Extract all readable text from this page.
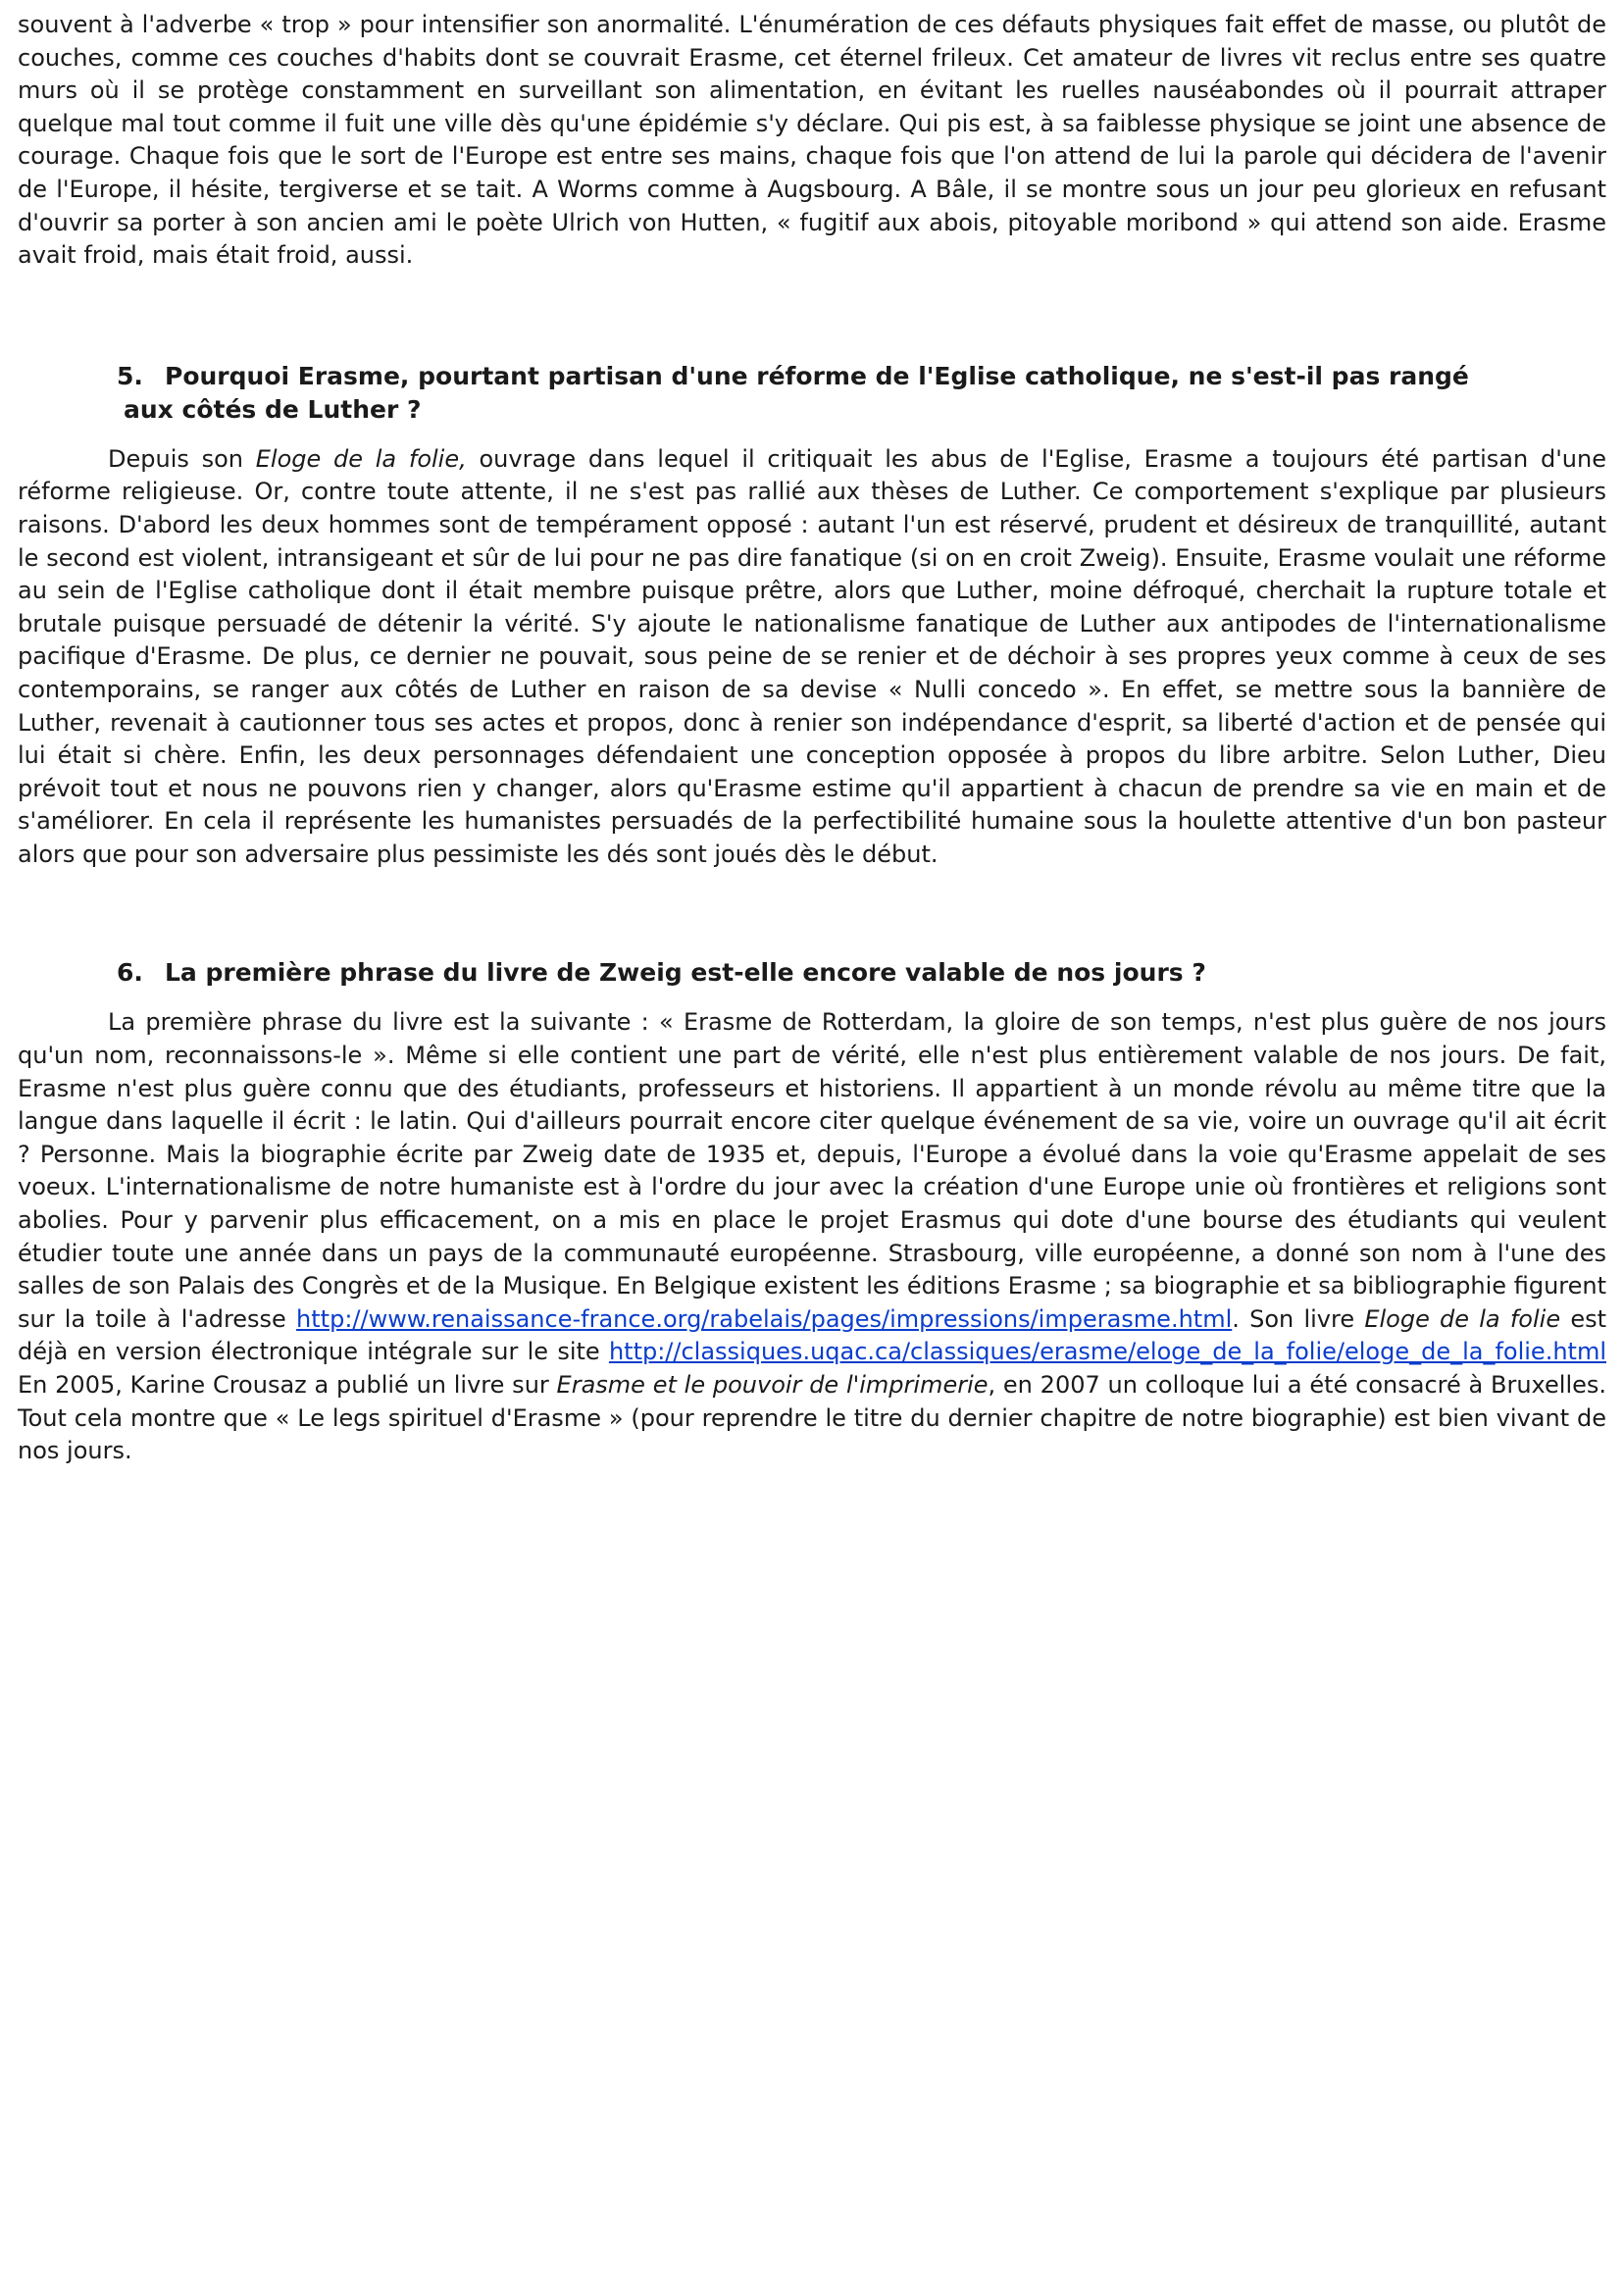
souvent à l'adverbe « trop » pour intensifier son anormalité. L'énumération de ces défauts physiques fait effet de masse, ou plutôt de couches, comme ces couches d'habits dont se couvrait Erasme, cet éternel frileux. Cet amateur de livres vit reclus entre ses quatre murs où il se protège constamment en surveillant son alimentation, en évitant les ruelles nauséabondes où il pourrait attraper quelque mal tout comme il fuit une ville dès qu'une épidémie s'y déclare. Qui pis est, à sa faiblesse physique se joint une absence de courage. Chaque fois que le sort de l'Europe est entre ses mains, chaque fois que l'on attend de lui la parole qui décidera de l'avenir de l'Europe, il hésite, tergiverse et se tait. A Worms comme à Augsbourg. A Bâle, il se montre sous un jour peu glorieux en refusant d'ouvrir sa porter à son ancien ami le poète Ulrich von Hutten, « fugitif aux abois, pitoyable moribond » qui attend son aide. Erasme avait froid, mais était froid, aussi.

5. Pourquoi Erasme, pourtant partisan d'une réforme de l'Eglise catholique, ne s'est-il pas rangé
aux côtés de Luther ?

Depuis son Eloge de la folie, ouvrage dans lequel il critiquait les abus de l'Eglise, Erasme a toujours été partisan d'une réforme religieuse. Or, contre toute attente, il ne s'est pas rallié aux thèses de Luther. Ce comportement s'explique par plusieurs raisons. D'abord les deux hommes sont de tempérament opposé : autant l'un est réservé, prudent et désireux de tranquillité, autant le second est violent, intransigeant et sûr de lui pour ne pas dire fanatique (si on en croit Zweig). Ensuite, Erasme voulait une réforme au sein de l'Eglise catholique dont il était membre puisque prêtre, alors que Luther, moine défroqué, cherchait la rupture totale et brutale puisque persuadé de détenir la vérité. S'y ajoute le nationalisme fanatique de Luther aux antipodes de l'internationalisme pacifique d'Erasme. De plus, ce dernier ne pouvait, sous peine de se renier et de déchoir à ses propres yeux comme à ceux de ses contemporains, se ranger aux côtés de Luther en raison de sa devise « Nulli concedo ». En effet, se mettre sous la bannière de Luther, revenait à cautionner tous ses actes et propos, donc à renier son indépendance d'esprit, sa liberté d'action et de pensée qui lui était si chère. Enfin, les deux personnages défendaient une conception opposée à propos du libre arbitre. Selon Luther, Dieu prévoit tout et nous ne pouvons rien y changer, alors qu'Erasme estime qu'il appartient à chacun de prendre sa vie en main et de s'améliorer. En cela il représente les humanistes persuadés de la perfectibilité humaine sous la houlette attentive d'un bon pasteur alors que pour son adversaire plus pessimiste les dés sont joués dès le début.

6. La première phrase du livre de Zweig est-elle encore valable de nos jours ?

La première phrase du livre est la suivante : « Erasme de Rotterdam, la gloire de son temps, n'est plus guère de nos jours qu'un nom, reconnaissons-le ». Même si elle contient une part de vérité, elle n'est plus entièrement valable de nos jours. De fait, Erasme n'est plus guère connu que des étudiants, professeurs et historiens. Il appartient à un monde révolu au même titre que la langue dans laquelle il écrit : le latin. Qui d'ailleurs pourrait encore citer quelque événement de sa vie, voire un ouvrage qu'il ait écrit ? Personne. Mais la biographie écrite par Zweig date de 1935 et, depuis, l'Europe a évolué dans la voie qu'Erasme appelait de ses voeux. L'internationalisme de notre humaniste est à l'ordre du jour avec la création d'une Europe unie où frontières et religions sont abolies. Pour y parvenir plus efficacement, on a mis en place le projet Erasmus qui dote d'une bourse des étudiants qui veulent étudier toute une année dans un pays de la communauté européenne. Strasbourg, ville européenne, a donné son nom à l'une des salles de son Palais des Congrès et de la Musique. En Belgique existent les éditions Erasme ; sa biographie et sa bibliographie figurent sur la toile à l'adresse http://www.renaissance-france.org/rabelais/pages/impressions/imperasme.html. Son livre Eloge de la folie est déjà en version électronique intégrale sur le site http://classiques.uqac.ca/classiques/erasme/eloge_de_la_folie/eloge_de_la_folie.html En 2005, Karine Crousaz a publié un livre sur Erasme et le pouvoir de l'imprimerie, en 2007 un colloque lui a été consacré à Bruxelles. Tout cela montre que « Le legs spirituel d'Erasme » (pour reprendre le titre du dernier chapitre de notre biographie) est bien vivant de nos jours.
